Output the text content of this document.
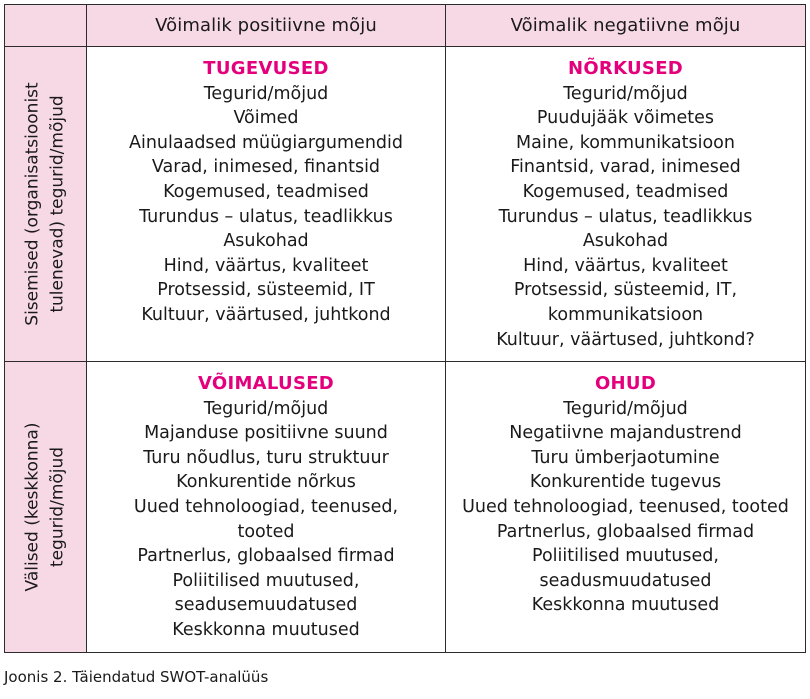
Võimalik positiivne mõju	Võimalik negatiivne mõju
Sisemised (organisatsioonist tulenevad) tegurid/mõjud
TUGEVUSED
Tegurid/mõjud
Võimed
Ainulaadsed müügiargumendid
Varad, inimesed, finantsid
Kogemused, teadmised
Turundus – ulatus, teadlikkus
Asukohad
Hind, väärtus, kvaliteet
Protsessid, süsteemid, IT
Kultuur, väärtused, juhtkond
NÕRKUSED
Tegurid/mõjud
Puudujääk võimetes
Maine, kommunikatsioon
Finantsid, varad, inimesed
Kogemused, teadmised
Turundus – ulatus, teadlikkus
Asukohad
Hind, väärtus, kvaliteet
Protsessid, süsteemid, IT,
kommunikatsioon
Kultuur, väärtused, juhtkond?
Välised (keskkonna) tegurid/mõjud
VÕIMALUSED
Tegurid/mõjud
Majanduse positiivne suund
Turu nõudlus, turu struktuur
Konkurentide nõrkus
Uued tehnoloogiad, teenused,
tooted
Partnerlus, globaalsed firmad
Poliitilised muutused,
seadusemuudatused
Keskkonna muutused
OHUD
Tegurid/mõjud
Negatiivne majandustrend
Turu ümberjaotumine
Konkurentide tugevus
Uued tehnoloogiad, teenused, tooted
Partnerlus, globaalsed firmad
Poliitilised muutused,
seadusmuudatused
Keskkonna muutused
Joonis 2. Täiendatud SWOT-analüüs
